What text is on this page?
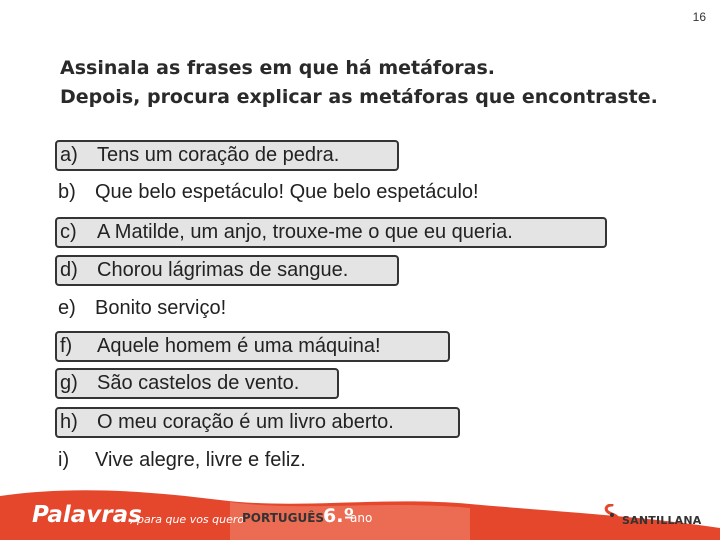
16
Assinala as frases em que há metáforas.
Depois, procura explicar as metáforas que encontraste.
a) Tens um coração de pedra.
b) Que belo espetáculo! Que belo espetáculo!
c)	A Matilde, um anjo, trouxe-me o que eu queria.
d) Chorou lágrimas de sangue.
e) Bonito serviço!
f)	Aquele homem é uma máquina!
g) São castelos de vento.
h) O meu coração é um livro aberto.
i)	Vive alegre, livre e feliz.
Palavras
, para que vos quero
PORTUGUÊS
6.º
ano	SANTILLANA
